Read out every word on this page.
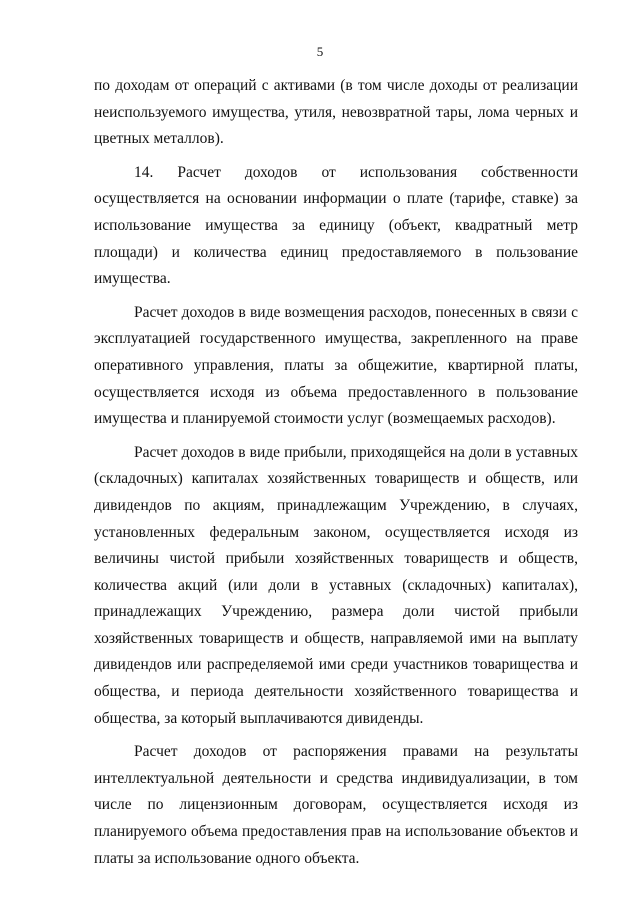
5

по доходам от операций с активами (в том числе доходы от реализации неиспользуемого имущества, утиля, невозвратной тары, лома черных и цветных металлов).

14. Расчет доходов от использования собственности осуществляется на основании информации о плате (тарифе, ставке) за использование имущества за единицу (объект, квадратный метр площади) и количества единиц предоставляемого в пользование имущества.

Расчет доходов в виде возмещения расходов, понесенных в связи с эксплуатацией государственного имущества, закрепленного на праве оперативного управления, платы за общежитие, квартирной платы, осуществляется исходя из объема предоставленного в пользование имущества и планируемой стоимости услуг (возмещаемых расходов).

Расчет доходов в виде прибыли, приходящейся на доли в уставных (складочных) капиталах хозяйственных товариществ и обществ, или дивидендов по акциям, принадлежащим Учреждению, в случаях, установленных федеральным законом, осуществляется исходя из величины чистой прибыли хозяйственных товариществ и обществ, количества акций (или доли в уставных (складочных) капиталах), принадлежащих Учреждению, размера доли чистой прибыли хозяйственных товариществ и обществ, направляемой ими на выплату дивидендов или распределяемой ими среди участников товарищества и общества, и периода деятельности хозяйственного товарищества и общества, за который выплачиваются дивиденды.

Расчет доходов от распоряжения правами на результаты интеллектуальной деятельности и средства индивидуализации, в том числе по лицензионным договорам, осуществляется исходя из планируемого объема предоставления прав на использование объектов и платы за использование одного объекта.
